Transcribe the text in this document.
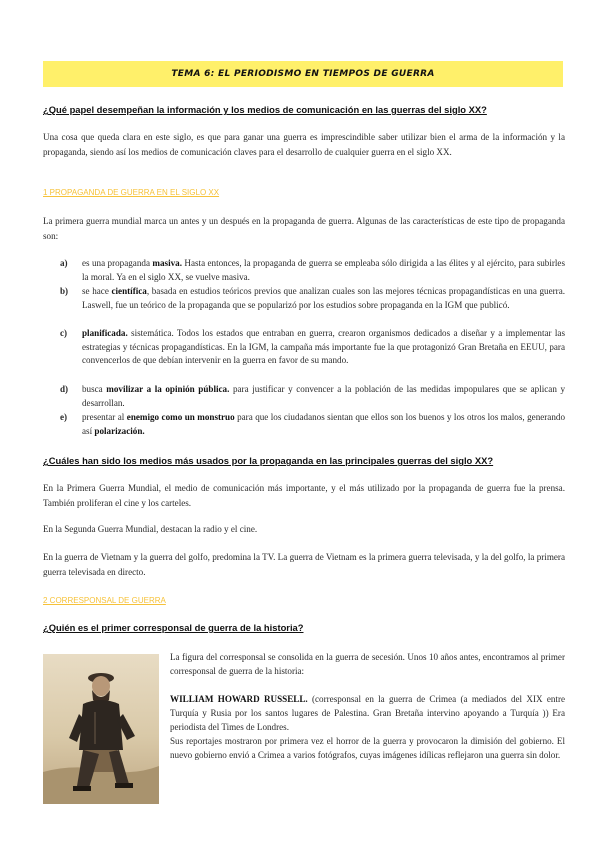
TEMA 6: EL PERIODISMO EN TIEMPOS DE GUERRA
¿Qué papel desempeñan la información y los medios de comunicación en las guerras del siglo XX?
Una cosa que queda clara en este siglo, es que para ganar una guerra es imprescindible saber utilizar bien el arma de la información y la propaganda, siendo así los medios de comunicación claves para el desarrollo de cualquier guerra en el siglo XX.
1 PROPAGANDA DE GUERRA EN EL SIGLO XX
La primera guerra mundial marca un antes y un después en la propaganda de guerra. Algunas de las características de este tipo de propaganda son:
a)	es una propaganda masiva. Hasta entonces, la propaganda de guerra se empleaba sólo dirigida a las élites y al ejército, para subirles la moral. Ya en el siglo XX, se vuelve masiva.
b)	se hace científica, basada en estudios teóricos previos que analizan cuales son las mejores técnicas propagandísticas en una guerra. Laswell, fue un teórico de la propaganda que se popularizó por los estudios sobre propaganda en la IGM que publicó.
c)	planificada. sistemática. Todos los estados que entraban en guerra, crearon organismos dedicados a diseñar y a implementar las estrategias y técnicas propagandísticas. En la IGM, la campaña más importante fue la que protagonizó Gran Bretaña en EEUU, para convencerlos de que debían intervenir en la guerra en favor de su mando.
d)	busca movilizar a la opinión pública. para justificar y convencer a la población de las medidas impopulares que se aplican y desarrollan.
e)	presentar al enemigo como un monstruo para que los ciudadanos sientan que ellos son los buenos y los otros los malos, generando así polarización.
¿Cuáles han sido los medios más usados por la propaganda en las principales guerras del siglo XX?
En la Primera Guerra Mundial, el medio de comunicación más importante, y el más utilizado por la propaganda de guerra fue la prensa. También proliferan el cine y los carteles.
En la Segunda Guerra Mundial, destacan la radio y el cine.
En la guerra de Vietnam y la guerra del golfo, predomina la TV. La guerra de Vietnam es la primera guerra televisada, y la del golfo, la primera guerra televisada en directo.
2 CORRESPONSAL DE GUERRA
¿Quién es el primer corresponsal de guerra de la historia?
La figura del corresponsal se consolida en la guerra de secesión. Unos 10 años antes, encontramos al primer corresponsal de guerra de la historia:
WILLIAM HOWARD RUSSELL. (corresponsal en la guerra de Crimea (a mediados del XIX entre Turquía y Rusia por los santos lugares de Palestina. Gran Bretaña intervino apoyando a Turquía )) Era periodista del Times de Londres.
Sus reportajes mostraron por primera vez el horror de la guerra y provocaron la dimisión del gobierno. El nuevo gobierno envió a Crimea a varios fotógrafos, cuyas imágenes idílicas reflejaron una guerra sin dolor.
